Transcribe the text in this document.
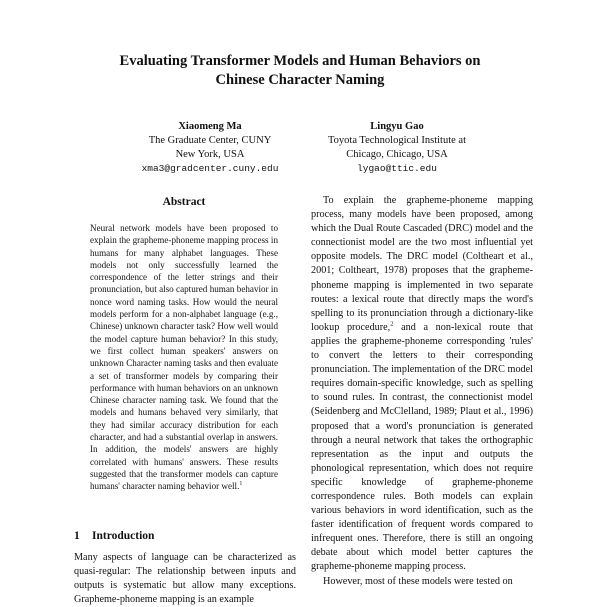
Evaluating Transformer Models and Human Behaviors on
Chinese Character Naming
Xiaomeng Ma
The Graduate Center, CUNY
New York, USA
xma3@gradcenter.cuny.edu
Lingyu Gao
Toyota Technological Institute at
Chicago, Chicago, USA
lygao@ttic.edu
Abstract
Neural network models have been proposed to explain the grapheme-phoneme mapping process in humans for many alphabet languages. These models not only successfully learned the correspondence of the letter strings and their pronunciation, but also captured human behavior in nonce word naming tasks. How would the neural models perform for a non-alphabet language (e.g., Chinese) unknown character task? How well would the model capture human behavior? In this study, we first collect human speakers' answers on unknown Character naming tasks and then evaluate a set of transformer models by comparing their performance with human behaviors on an unknown Chinese character naming task. We found that the models and humans behaved very similarly, that they had similar accuracy distribution for each character, and had a substantial overlap in answers. In addition, the models' answers are highly correlated with humans' answers. These results suggested that the transformer models can capture humans' character naming behavior well.$^1$
1 Introduction

Many aspects of language can be characterized as quasi-regular: The relationship between inputs and outputs is systematic but allow many exceptions. Grapheme-phoneme mapping is an example

To explain the grapheme-phoneme mapping process, many models have been proposed, among which the Dual Route Cascaded (DRC) model and the connectionist model are the two most influential yet opposite models. The DRC model (Coltheart et al., 2001; Coltheart, 1978) proposes that the grapheme-phoneme mapping is implemented in two separate routes: a lexical route that directly maps the word's spelling to its pronunciation through a dictionary-like lookup procedure,$^2$ and a non-lexical route that applies the grapheme-phoneme corresponding 'rules' to convert the letters to their corresponding pronunciation. The implementation of the DRC model requires domain-specific knowledge, such as spelling to sound rules. In contrast, the connectionist model (Seidenberg and McClelland, 1989; Plaut et al., 1996) proposed that a word's pronunciation is generated through a neural network that takes the orthographic representation as the input and outputs the phonological representation, which does not require specific knowledge of grapheme-phoneme correspondence rules. Both models can explain various behaviors in word identification, such as the faster identification of frequent words compared to infrequent ones. Therefore, there is still an ongoing debate about which model better captures the grapheme-phoneme mapping process.

However, most of these models were tested on
